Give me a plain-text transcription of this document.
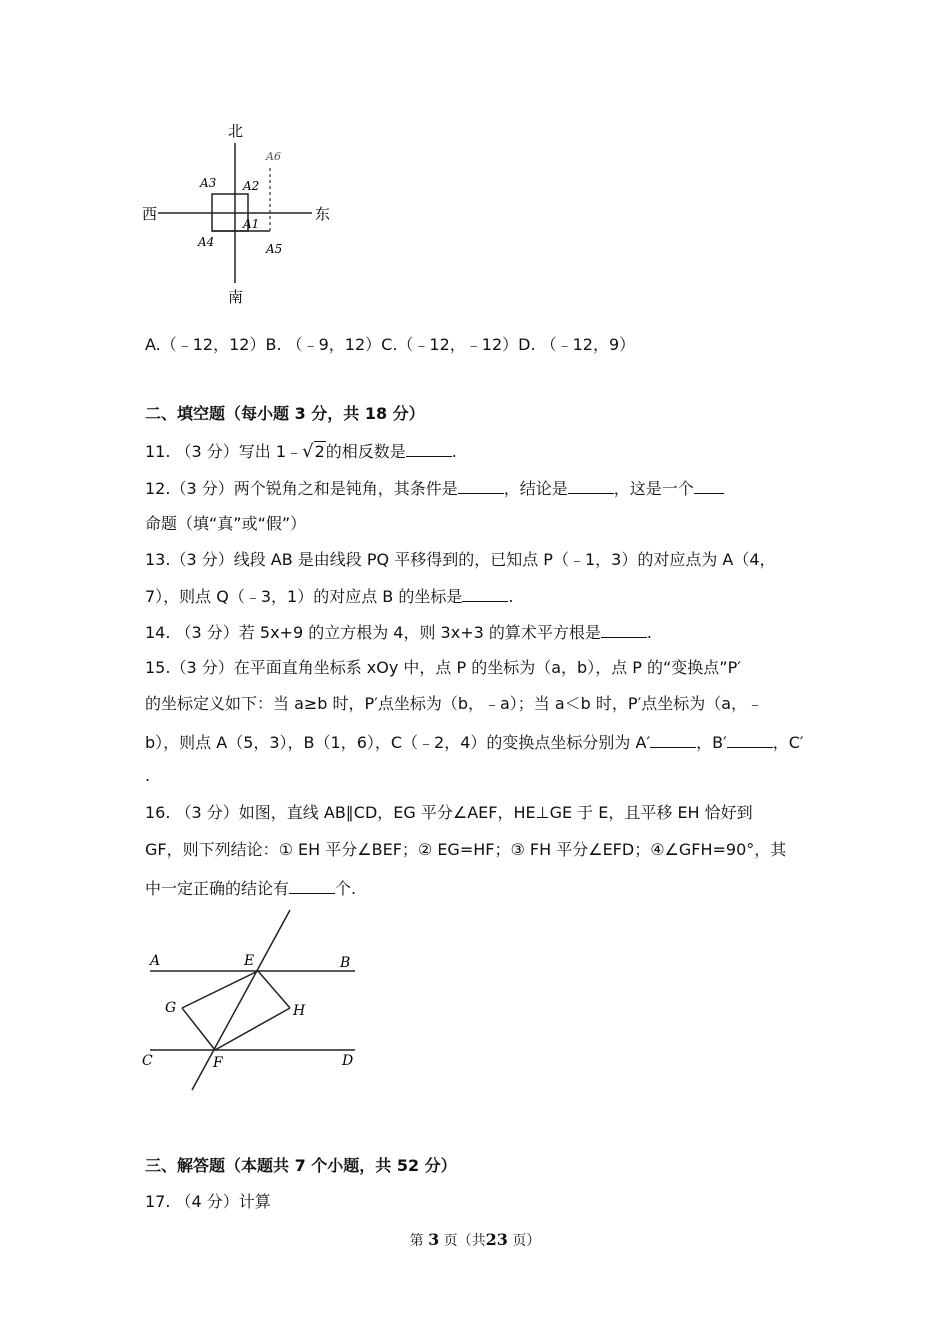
北
南
西	东
A3 A2
A6
A1
A4	A5
A.（﹣12，12）B. （﹣9，12）C.（﹣12，﹣12）D. （﹣12，9）
二、填空题（每小题 3 分，共 18 分）
11. （3 分）写出 1﹣√2的相反数是	.
12.（3 分）两个锐角之和是钝角，其条件是	，结论是	，这是一个
命题（填“真”或“假”）
13.（3 分）线段 AB 是由线段 PQ 平移得到的，已知点 P（﹣1，3）的对应点为 A（4，
7），则点 Q（﹣3，1）的对应点 B 的坐标是	.
14. （3 分）若 5x+9 的立方根为 4，则 3x+3 的算术平方根是	.
15.（3 分）在平面直角坐标系 xOy 中，点 P 的坐标为（a，b），点 P 的“变换点”P′
的坐标定义如下：当 a≥b 时，P′点坐标为（b，﹣a）；当 a＜b 时，P′点坐标为（a，﹣
b），则点 A（5，3），B（1，6），C（﹣2，4）的变换点坐标分别为 A′	，B′	，C′
.
16. （3 分）如图，直线 AB∥CD，EG 平分∠AEF，HE⊥GE 于 E，且平移 EH 恰好到
GF，则下列结论：① EH 平分∠BEF；② EG=HF；③ FH 平分∠EFD；④∠GFH=90°，其
中一定正确的结论有	个.
A	E	B
G	H
C	F	D
三、解答题（本题共 7 个小题，共 52 分）
17. （4 分）计算
第 3 页（共23 页）
